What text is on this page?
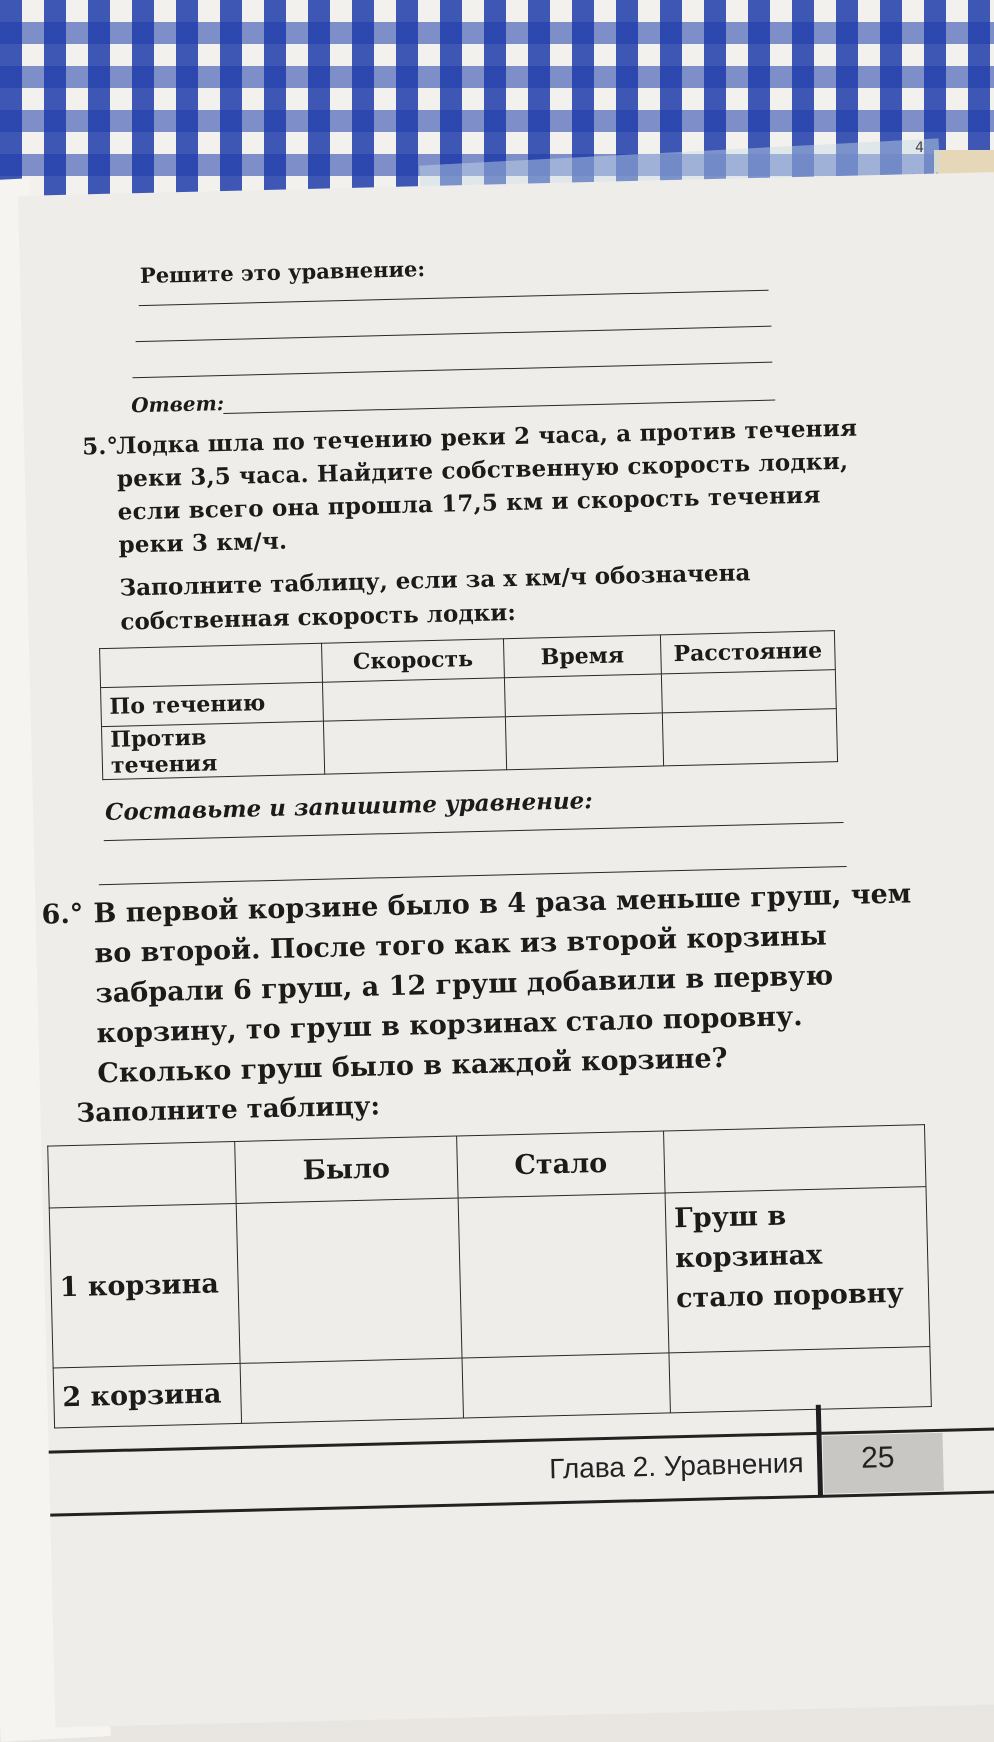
4
Решите это уравнение:
Ответ:
5.°
Лодка шла по течению реки 2 часа, а против течения реки 3,5 часа. Найдите собственную скорость лодки, если всего она прошла 17,5 км и скорость течения реки 3 км/ч.
Заполните таблицу, если за x км/ч обозначена собственная скорость лодки:
	Скорость	Время	Расстояние
По течению			
Против течения			
Составьте и запишите уравнение:
6.° В первой корзине было в 4 раза меньше груш, чем во второй. После того как из второй корзины забрали 6 груш, а 12 груш добавили в первую корзину, то груш в корзинах стало поровну. Сколько груш было в каждой корзине?
Заполните таблицу:
	Было	Стало	
1 корзина			Груш в корзинах стало поровну
2 корзина			
Глава 2. Уравнения 25
